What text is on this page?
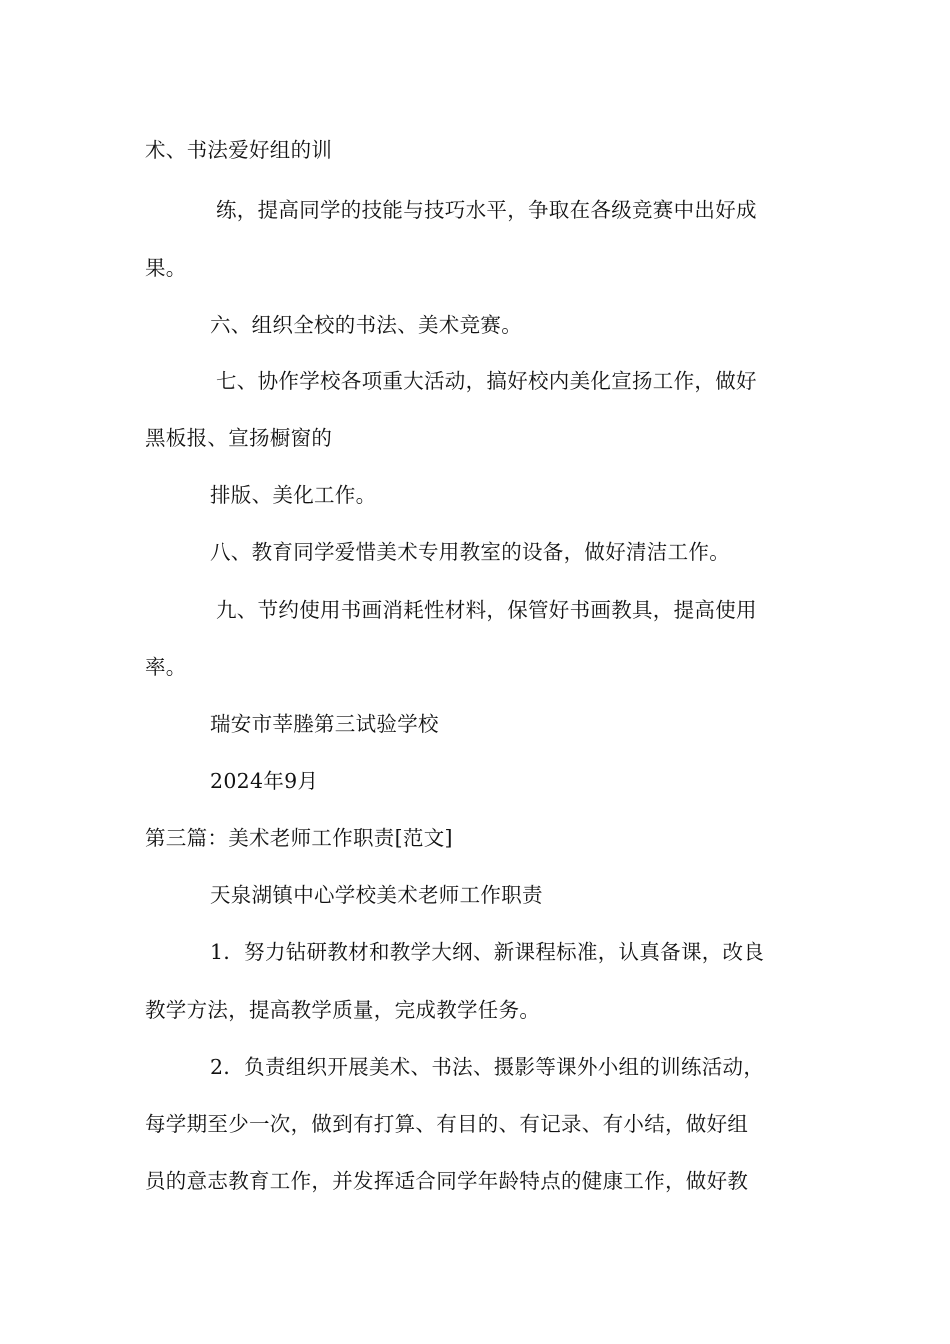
术、书法爱好组的训
练，提高同学的技能与技巧水平，争取在各级竞赛中出好成
果。
六、组织全校的书法、美术竞赛。
七、协作学校各项重大活动，搞好校内美化宣扬工作，做好
黑板报、宣扬橱窗的
排版、美化工作。
八、教育同学爱惜美术专用教室的设备，做好清洁工作。
九、节约使用书画消耗性材料，保管好书画教具，提高使用
率。
瑞安市莘塍第三试验学校
2024年9月
第三篇：美术老师工作职责[范文]
天泉湖镇中心学校美术老师工作职责
1．努力钻研教材和教学大纲、新课程标准，认真备课，改良
教学方法，提高教学质量，完成教学任务。
2．负责组织开展美术、书法、摄影等课外小组的训练活动，
每学期至少一次，做到有打算、有目的、有记录、有小结，做好组
员的意志教育工作，并发挥适合同学年龄特点的健康工作，做好教
